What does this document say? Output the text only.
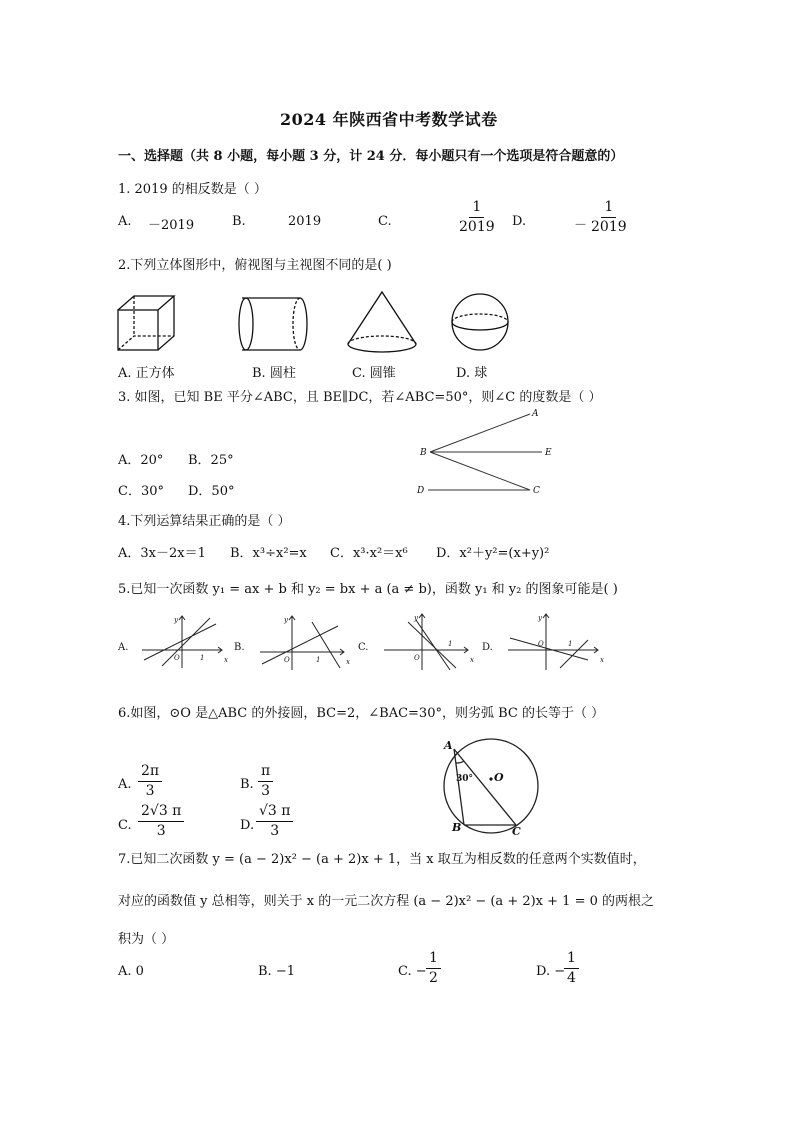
2024 年陕西省中考数学试卷
一、选择题（共 8 小题，每小题 3 分，计 24 分．每小题只有一个选项是符合题意的）
1. 2019 的相反数是（ ）
A. －2019	B.	2019	C.	$\frac{1}{2019} D$.	－ $\frac{1}{2019}$
2.下列立体图形中，俯视图与主视图不同的是( )
A. 正方体	B. 圆柱	C. 圆锥	D. 球
3. 如图，已知 BE 平分∠ABC，且 BE∥DC，若∠ABC=50°，则∠C 的度数是（ ）
A
B	E
D	C
A．20° B．25°
C．30° D．50°
4.下列运算结果正确的是（ ）
A．3x－2x＝1 B．x³÷x²=x C．x³·x²＝x⁶ D．x²＋y²=(x+y)²
5.已知一次函数 y₁ = ax + b 和 y₂ = bx + a (a ≠ b)，函数 y₁ 和 y₂ 的图象可能是( )
A.	B.	C.	D.
y
x
O	1
y
x
O	1
y
x
O
1
y
x
O	1
6.如图，⊙O 是△ABC 的外接圆，BC=2，∠BAC=30°，则劣弧 BC 的长等于（ ）
A
B	C
O
30°
A. $\frac{2\pi}{3}$	B. $\frac{\pi}{3}$
C. $\frac{2√3 \pi}{3}$	D. $\frac{√3 \pi}{3}$
7.已知二次函数 y = (a − 2)x² − (a + 2)x + 1，当 x 取互为相反数的任意两个实数值时，
对应的函数值 y 总相等，则关于 x 的一元二次方程 (a − 2)x² − (a + 2)x + 1 = 0 的两根之
积为（ ）
A. 0	B. −1	C. − $\frac{1}{2}$	D. −
$\frac{1}{4}$
